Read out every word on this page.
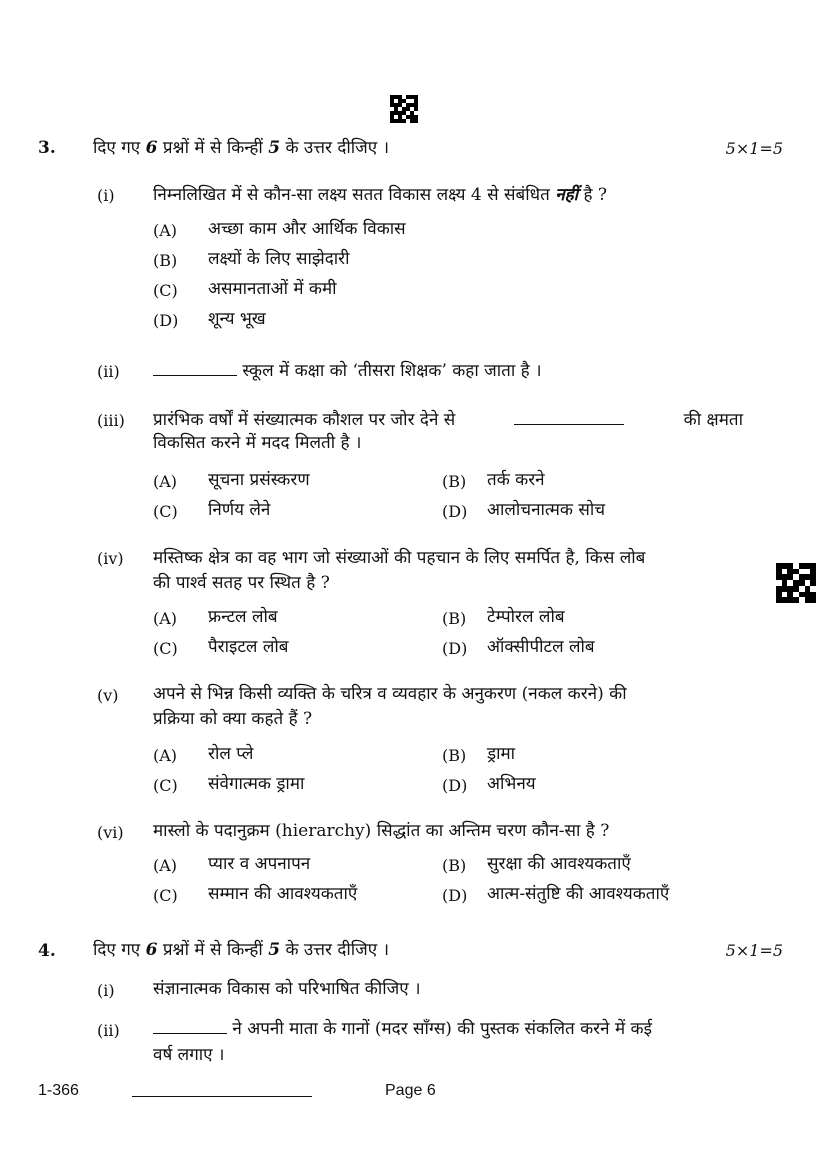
3. दिए गए 6 प्रश्नों में से किन्हीं 5 के उत्तर दीजिए ।	5×1=5
(i) निम्नलिखित में से कौन-सा लक्ष्य सतत विकास लक्ष्य 4 से संबंधित नहीं है ?
(A) अच्छा काम और आर्थिक विकास
(B) लक्ष्यों के लिए साझेदारी
(C) असमानताओं में कमी
(D) शून्य भूख
(ii)	स्कूल में कक्षा को ‘तीसरा शिक्षक’ कहा जाता है ।
(iii) प्रारंभिक वर्षों में संख्यात्मक कौशल पर जोर देने से	की क्षमता
विकसित करने में मदद मिलती है ।
(A) सूचना प्रसंस्करण	(B) तर्क करने
(C) निर्णय लेने	(D) आलोचनात्मक सोच
(iv) मस्तिष्क क्षेत्र का वह भाग जो संख्याओं की पहचान के लिए समर्पित है, किस लोब
की पार्श्व सतह पर स्थित है ?
(A) फ्रन्टल लोब	(B) टेम्पोरल लोब
(C) पैराइटल लोब	(D) ऑक्सीपीटल लोब
(v) अपने से भिन्न किसी व्यक्ति के चरित्र व व्यवहार के अनुकरण (नकल करने) की
प्रक्रिया को क्या कहते हैं ?
(A) रोल प्ले	(B) ड्रामा
(C) संवेगात्मक ड्रामा	(D) अभिनय
(vi) मास्लो के पदानुक्रम (hierarchy) सिद्धांत का अन्तिम चरण कौन-सा है ?
(A) प्यार व अपनापन	(B) सुरक्षा की आवश्यकताएँ
(C) सम्मान की आवश्यकताएँ	(D) आत्म-संतुष्टि की आवश्यकताएँ
4. दिए गए 6 प्रश्नों में से किन्हीं 5 के उत्तर दीजिए ।	5×1=5
(i) संज्ञानात्मक विकास को परिभाषित कीजिए ।
(ii)	ने अपनी माता के गानों (मदर साँग्स) की पुस्तक संकलित करने में कई
वर्ष लगाए ।
1-366	Page 6
